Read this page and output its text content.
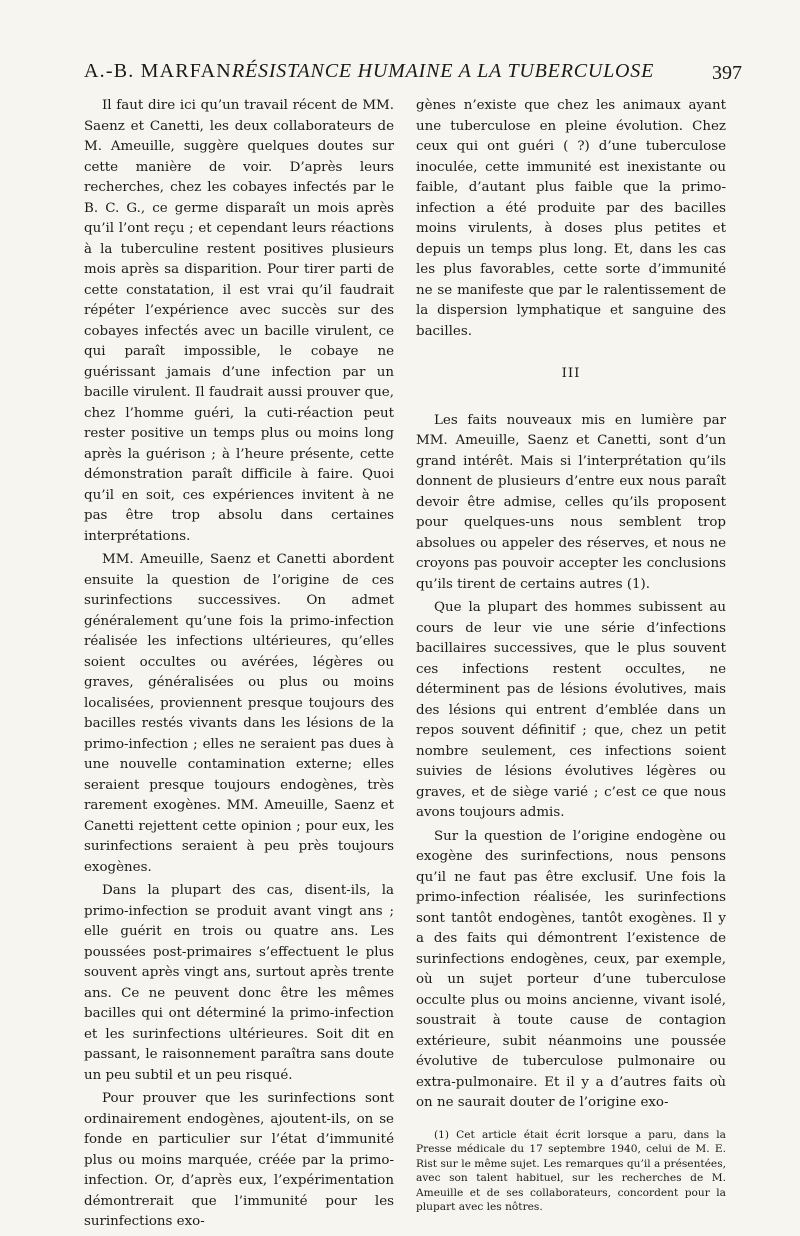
A.-B. MARFAN.
RÉSISTANCE HUMAINE A LA TUBERCULOSE	397

Il faut dire ici qu’un travail récent de MM. Saenz et Canetti, les deux collaborateurs de M. Ameuille, suggère quelques doutes sur cette manière de voir. D’après leurs recherches, chez les cobayes infectés par le B. C. G., ce germe disparaît un mois après qu’il l’ont reçu ; et cependant leurs réactions à la tuberculine restent positives plusieurs mois après sa disparition. Pour tirer parti de cette constatation, il est vrai qu’il faudrait répéter l’expérience avec succès sur des cobayes infectés avec un bacille virulent, ce qui paraît impossible, le cobaye ne guérissant jamais d’une infection par un bacille virulent. Il faudrait aussi prouver que, chez l’homme guéri, la cuti-réaction peut rester positive un temps plus ou moins long après la guérison ; à l’heure présente, cette démonstration paraît difficile à faire. Quoi qu’il en soit, ces expériences invitent à ne pas être trop absolu dans certaines interprétations.

MM. Ameuille, Saenz et Canetti abordent ensuite la question de l’origine de ces surinfections successives. On admet généralement qu’une fois la primo-infection réalisée les infections ultérieures, qu’elles soient occultes ou avérées, légères ou graves, généralisées ou plus ou moins localisées, proviennent presque toujours des bacilles restés vivants dans les lésions de la primo-infection ; elles ne seraient pas dues à une nouvelle contamination externe; elles seraient presque toujours endogènes, très rarement exogènes. MM. Ameuille, Saenz et Canetti rejettent cette opinion ; pour eux, les surinfections seraient à peu près toujours exogènes.

Dans la plupart des cas, disent-ils, la primo-infection se produit avant vingt ans ; elle guérit en trois ou quatre ans. Les poussées post-primaires s’effectuent le plus souvent après vingt ans, surtout après trente ans. Ce ne peuvent donc être les mêmes bacilles qui ont déterminé la primo-infection et les surinfections ultérieures. Soit dit en passant, le raisonnement paraîtra sans doute un peu subtil et un peu risqué.

Pour prouver que les surinfections sont ordinairement endogènes, ajoutent-ils, on se fonde en particulier sur l’état d’immunité plus ou moins marquée, créée par la primo-infection. Or, d’après eux, l’expérimentation démontrerait que l’immunité pour les surinfections exo-

gènes n’existe que chez les animaux ayant une tuberculose en pleine évolution. Chez ceux qui ont guéri ( ?) d’une tuberculose inoculée, cette immunité est inexistante ou faible, d’autant plus faible que la primo-infection a été produite par des bacilles moins virulents, à doses plus petites et depuis un temps plus long. Et, dans les cas les plus favorables, cette sorte d’immunité ne se manifeste que par le ralentissement de la dispersion lymphatique et sanguine des bacilles.

III

Les faits nouveaux mis en lumière par MM. Ameuille, Saenz et Canetti, sont d’un grand intérêt. Mais si l’interprétation qu’ils donnent de plusieurs d’entre eux nous paraît devoir être admise, celles qu’ils proposent pour quelques-uns nous semblent trop absolues ou appeler des réserves, et nous ne croyons pas pouvoir accepter les conclusions qu’ils tirent de certains autres (1).

Que la plupart des hommes subissent au cours de leur vie une série d’infections bacillaires successives, que le plus souvent ces infections restent occultes, ne déterminent pas de lésions évolutives, mais des lésions qui entrent d’emblée dans un repos souvent définitif ; que, chez un petit nombre seulement, ces infections soient suivies de lésions évolutives légères ou graves, et de siège varié ; c’est ce que nous avons toujours admis.

Sur la question de l’origine endogène ou exogène des surinfections, nous pensons qu’il ne faut pas être exclusif. Une fois la primo-infection réalisée, les surinfections sont tantôt endogènes, tantôt exogènes. Il y a des faits qui démontrent l’existence de surinfections endogènes, ceux, par exemple, où un sujet porteur d’une tuberculose occulte plus ou moins ancienne, vivant isolé, soustrait à toute cause de contagion extérieure, subit néanmoins une poussée évolutive de tuberculose pulmonaire ou extra-pulmonaire. Et il y a d’autres faits où on ne saurait douter de l’origine exo-

(1) Cet article était écrit lorsque a paru, dans la Presse médicale du 17 septembre 1940, celui de M. E. Rist sur le même sujet. Les remarques qu’il a présentées, avec son talent habituel, sur les recherches de M. Ameuille et de ses collaborateurs, concordent pour la plupart avec les nôtres.
